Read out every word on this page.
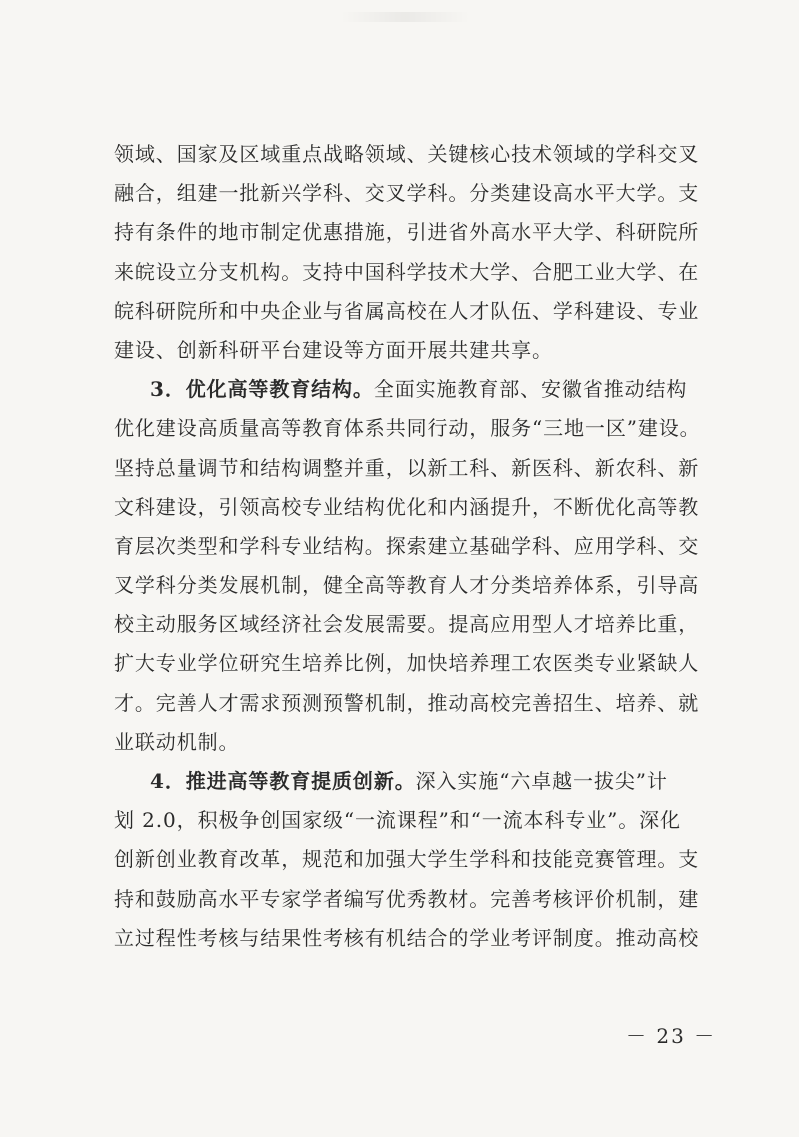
领域、国家及区域重点战略领域、关键核心技术领域的学科交叉
融合，组建一批新兴学科、交叉学科。分类建设高水平大学。支
持有条件的地市制定优惠措施，引进省外高水平大学、科研院所
来皖设立分支机构。支持中国科学技术大学、合肥工业大学、在
皖科研院所和中央企业与省属高校在人才队伍、学科建设、专业
建设、创新科研平台建设等方面开展共建共享。
3．优化高等教育结构。全面实施教育部、安徽省推动结构
优化建设高质量高等教育体系共同行动，服务“三地一区”建设。
坚持总量调节和结构调整并重，以新工科、新医科、新农科、新
文科建设，引领高校专业结构优化和内涵提升，不断优化高等教
育层次类型和学科专业结构。探索建立基础学科、应用学科、交
叉学科分类发展机制，健全高等教育人才分类培养体系，引导高
校主动服务区域经济社会发展需要。提高应用型人才培养比重，
扩大专业学位研究生培养比例，加快培养理工农医类专业紧缺人
才。完善人才需求预测预警机制，推动高校完善招生、培养、就
业联动机制。
4．推进高等教育提质创新。深入实施“六卓越一拔尖”计
划 2.0，积极争创国家级“一流课程”和“一流本科专业”。深化
创新创业教育改革，规范和加强大学生学科和技能竞赛管理。支
持和鼓励高水平专家学者编写优秀教材。完善考核评价机制，建
立过程性考核与结果性考核有机结合的学业考评制度。推动高校
－ 23 －
